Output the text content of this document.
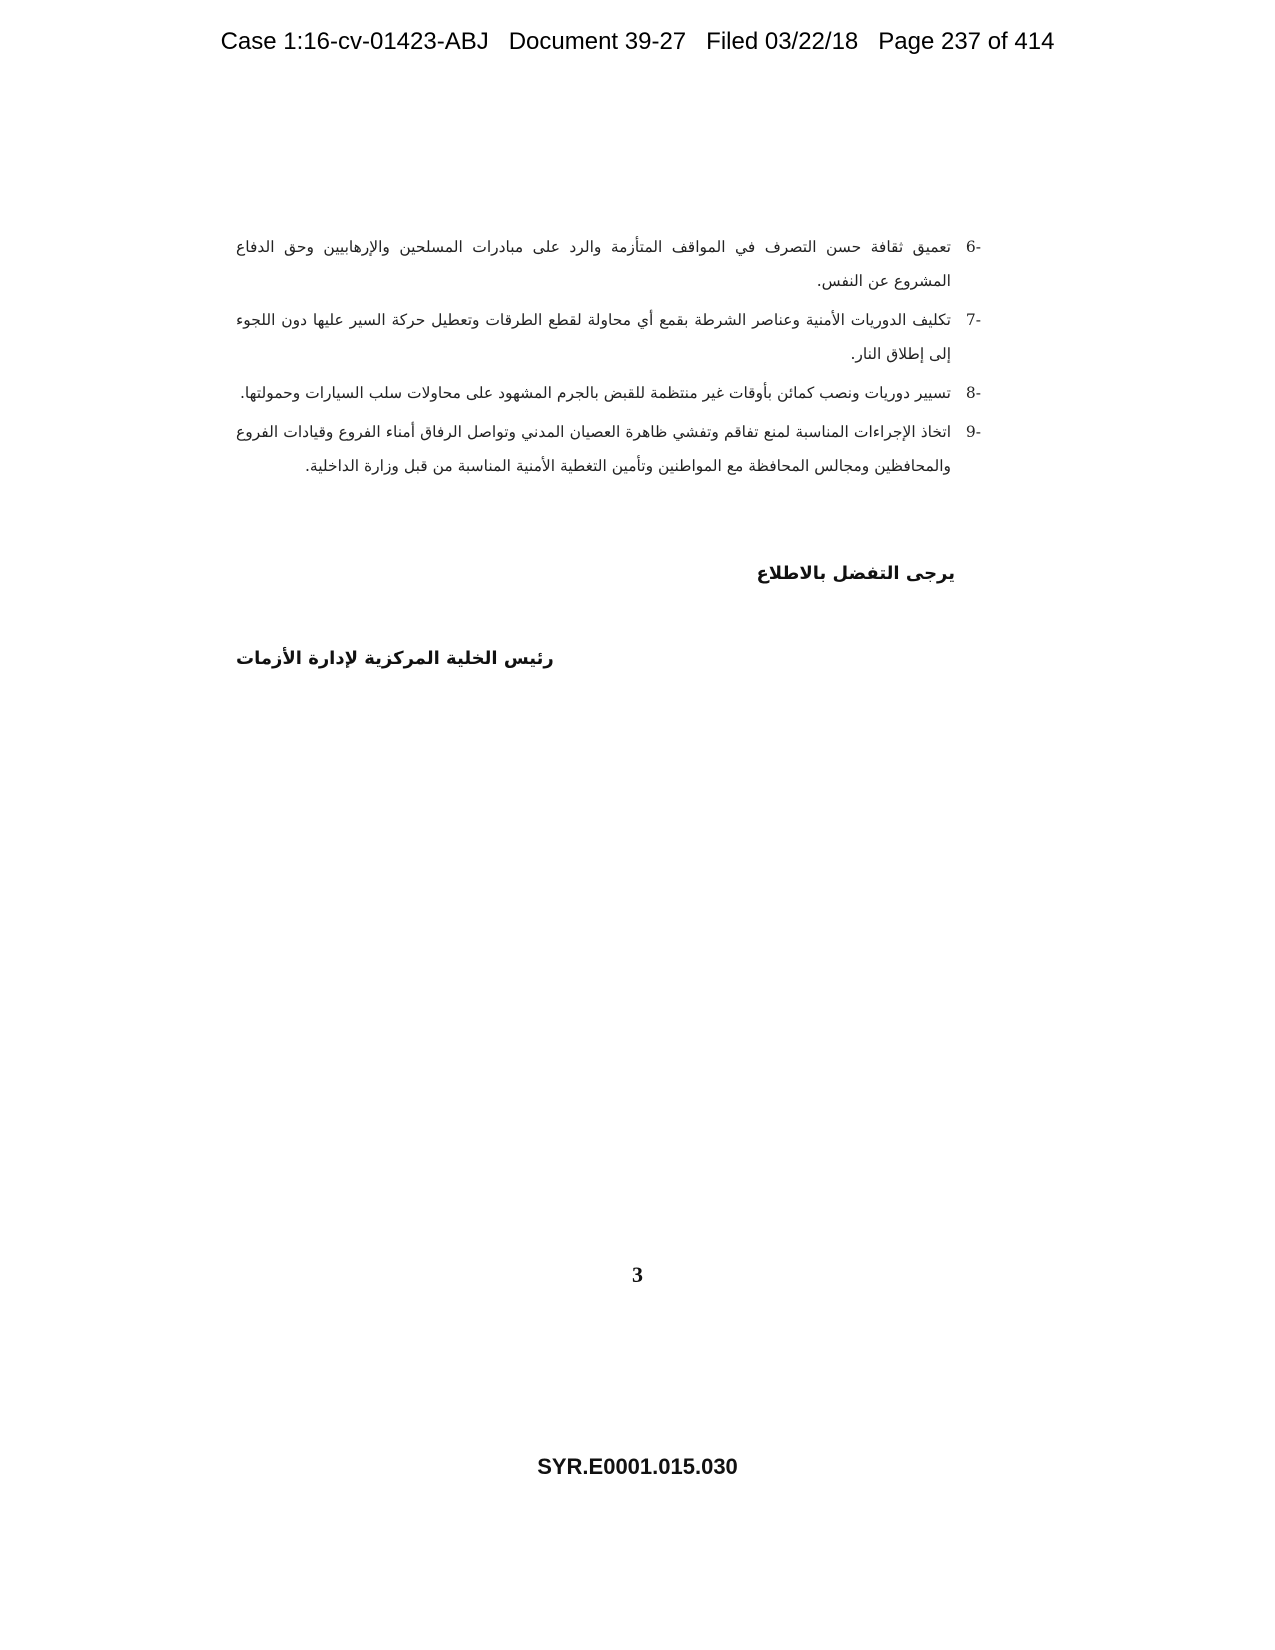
Case 1:16-cv-01423-ABJ Document 39-27 Filed 03/22/18 Page 237 of 414
6-
تعميق ثقافة حسن التصرف في المواقف المتأزمة والرد على مبادرات المسلحين والإرهابيين وحق الدفاع المشروع عن النفس.
7-
تكليف الدوريات الأمنية وعناصر الشرطة بقمع أي محاولة لقطع الطرقات وتعطيل حركة السير عليها دون اللجوء إلى إطلاق النار.
8-
تسيير دوريات ونصب كمائن بأوقات غير منتظمة للقبض بالجرم المشهود على محاولات سلب السيارات وحمولتها.
9-
اتخاذ الإجراءات المناسبة لمنع تفاقم وتفشي ظاهرة العصيان المدني وتواصل الرفاق أمناء الفروع وقيادات الفروع والمحافظين ومجالس المحافظة مع المواطنين وتأمين التغطية الأمنية المناسبة من قبل وزارة الداخلية.
يرجى التفضل بالاطلاع
رئيس الخلية المركزية لإدارة الأزمات
3
SYR.E0001.015.030
